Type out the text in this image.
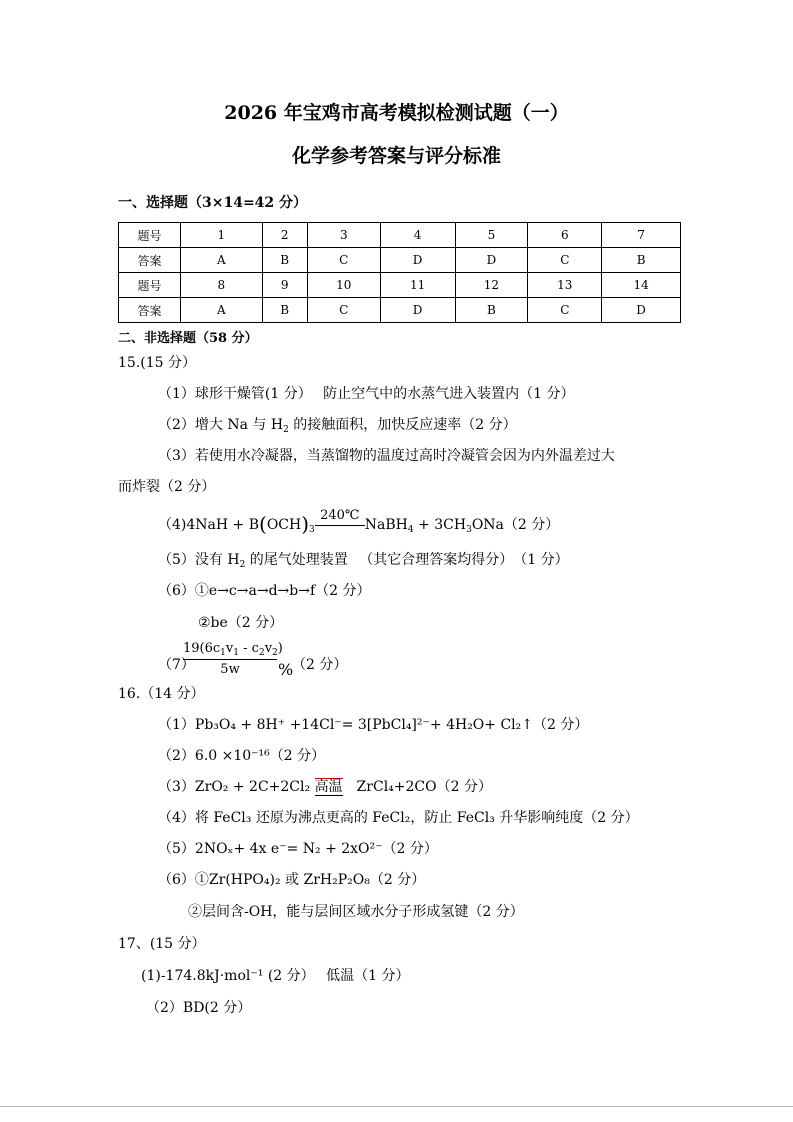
2026 年宝鸡市高考模拟检测试题（一）
化学参考答案与评分标准
一、选择题（3×14=42 分）
题号	1	2	3	4	5	6	7
答案	A	B	C	D	D	C	B
题号	8	9	10	11	12	13	14
答案	A	B	C	D	B	C	D
二、非选择题（58 分）
15.(15 分）
（1）球形干燥管(1 分）　 防止空气中的水蒸气进入装置内（1 分）
（2）增大 Na 与 $H_2$ 的接触面积，加快反应速率（2 分）
（3）若使用水冷凝器，当蒸馏物的温度过高时冷凝管会因为内外温差过大
而炸裂（2 分）
$(4)4NaH + B(OCH)_3$
240℃
NaBH$_4$ + $3CH_3ONa(2$ 分）
（5）没有 $H_2$ 的尾气处理装置 　（其它合理答案均得分）　（1 分）
（6）①e→c→a→d→b→f（2 分）
②be（2 分）
（7）
$19(6c_1v_1 - c_2v_2)$
5w	%
（2 分）
16.（14 分）
（1）Pb₃O₄ + 8H⁺ +14Cl⁻= 3[PbCl₄]²⁻+ 4H₂O+ Cl₂↑（2 分）
（2）6.0 ×10⁻¹⁶（2 分）
（3）ZrO₂ + 2C+2Cl₂ 高温　ZrCl₄+2CO（2 分）
（4）将 FeCl₃ 还原为沸点更高的 FeCl₂，防止 FeCl₃ 升华影响纯度（2 分）
（5）2NOₓ+ 4x e⁻= N₂ + 2xO²⁻（2 分）
（6）①Zr(HPO₄)₂ 或 ZrH₂P₂O₈（2 分）
②层间含-OH，能与层间区域水分子形成氢键（2 分）
17、(15 分）
(1)-174.8kJ·mol⁻¹ (2 分）　 低温（1 分）
（2）BD(2 分）
